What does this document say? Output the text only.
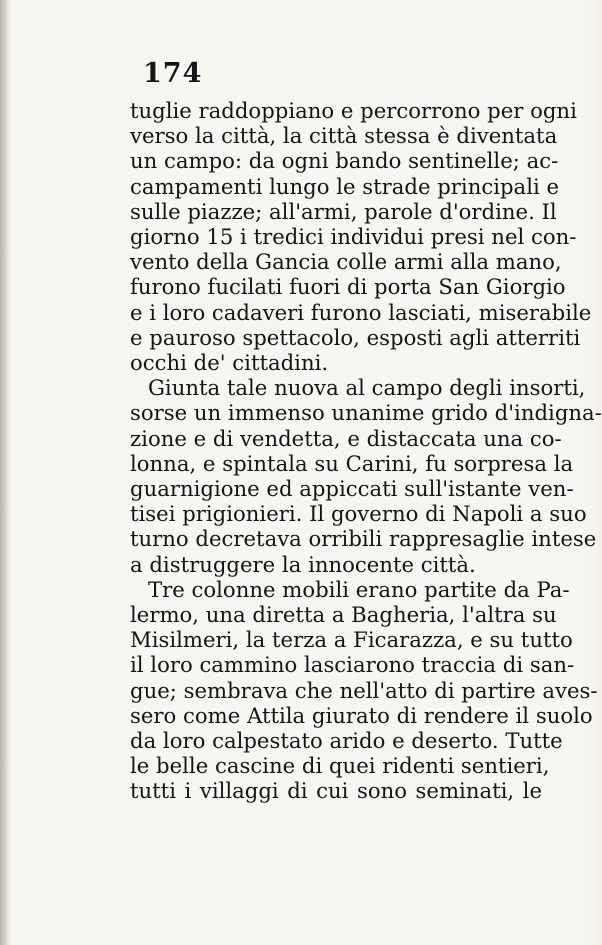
174
tuglie raddoppiano e percorrono per ogni
verso la città, la città stessa è diventata
un campo: da ogni bando sentinelle; ac-
campamenti lungo le strade principali e
sulle piazze; all'armi, parole d'ordine. Il
giorno 15 i tredici individui presi nel con-
vento della Gancia colle armi alla mano,
furono fucilati fuori di porta San Giorgio
e i loro cadaveri furono lasciati, miserabile
e pauroso spettacolo, esposti agli atterriti
occhi de' cittadini.
Giunta tale nuova al campo degli insorti,
sorse un immenso unanime grido d'indigna-
zione e di vendetta, e distaccata una co-
lonna, e spintala su Carini, fu sorpresa la
guarnigione ed appiccati sull'istante ven-
tisei prigionieri. Il governo di Napoli a suo
turno decretava orribili rappresaglie intese
a distruggere la innocente città.
Tre colonne mobili erano partite da Pa-
lermo, una diretta a Bagheria, l'altra su
Misilmeri, la terza a Ficarazza, e su tutto
il loro cammino lasciarono traccia di san-
gue; sembrava che nell'atto di partire aves-
sero come Attila giurato di rendere il suolo
da loro calpestato arido e deserto. Tutte
le belle cascine di quei ridenti sentieri,
tutti i villaggi di cui sono seminati, le
